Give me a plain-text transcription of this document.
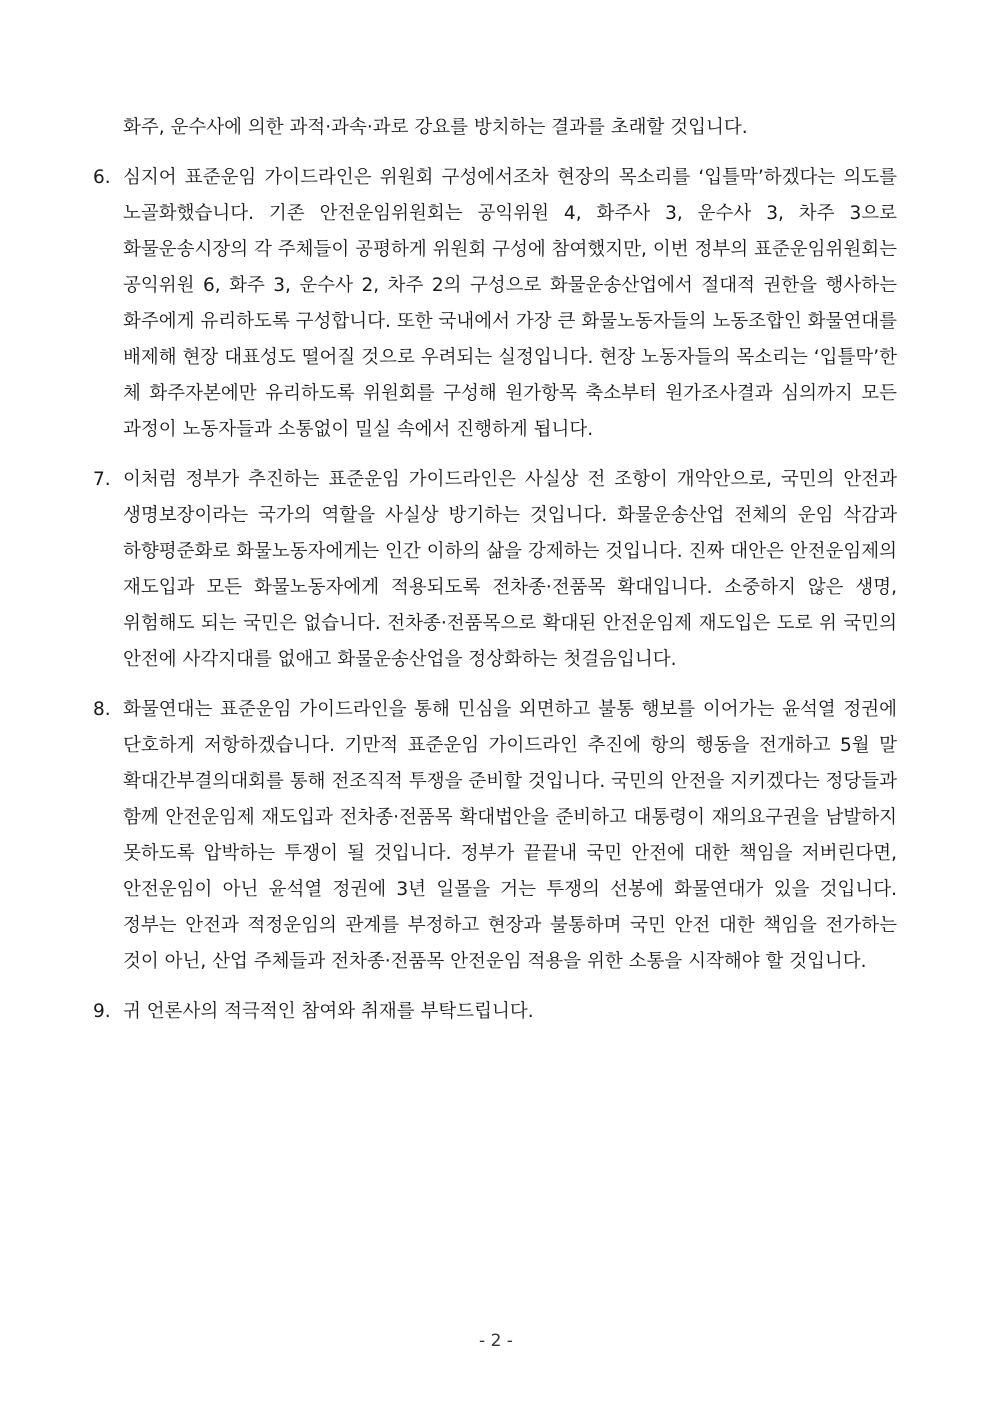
화주, 운수사에 의한 과적·과속·과로 강요를 방치하는 결과를 초래할 것입니다.
6. 심지어 표준운임 가이드라인은 위원회 구성에서조차 현장의 목소리를 ‘입틀막’하겠다는 의도를 노골화했습니다. 기존 안전운임위원회는 공익위원 4, 화주사 3, 운수사 3, 차주 3으로 화물운송시장의 각 주체들이 공평하게 위원회 구성에 참여했지만, 이번 정부의 표준운임위원회는 공익위원 6, 화주 3, 운수사 2, 차주 2의 구성으로 화물운송산업에서 절대적 권한을 행사하는 화주에게 유리하도록 구성합니다. 또한 국내에서 가장 큰 화물노동자들의 노동조합인 화물연대를 배제해 현장 대표성도 떨어질 것으로 우려되는 실정입니다. 현장 노동자들의 목소리는 ‘입틀막’한 체 화주자본에만 유리하도록 위원회를 구성해 원가항목 축소부터 원가조사결과 심의까지 모든 과정이 노동자들과 소통없이 밀실 속에서 진행하게 됩니다.
7. 이처럼 정부가 추진하는 표준운임 가이드라인은 사실상 전 조항이 개악안으로, 국민의 안전과 생명보장이라는 국가의 역할을 사실상 방기하는 것입니다. 화물운송산업 전체의 운임 삭감과 하향평준화로 화물노동자에게는 인간 이하의 삶을 강제하는 것입니다. 진짜 대안은 안전운임제의 재도입과 모든 화물노동자에게 적용되도록 전차종·전품목 확대입니다. 소중하지 않은 생명, 위험해도 되는 국민은 없습니다. 전차종·전품목으로 확대된 안전운임제 재도입은 도로 위 국민의 안전에 사각지대를 없애고 화물운송산업을 정상화하는 첫걸음입니다.
8. 화물연대는 표준운임 가이드라인을 통해 민심을 외면하고 불통 행보를 이어가는 윤석열 정권에 단호하게 저항하겠습니다. 기만적 표준운임 가이드라인 추진에 항의 행동을 전개하고 5월 말 확대간부결의대회를 통해 전조직적 투쟁을 준비할 것입니다. 국민의 안전을 지키겠다는 정당들과 함께 안전운임제 재도입과 전차종·전품목 확대법안을 준비하고 대통령이 재의요구권을 남발하지 못하도록 압박하는 투쟁이 될 것입니다. 정부가 끝끝내 국민 안전에 대한 책임을 저버린다면, 안전운임이 아닌 윤석열 정권에 3년 일몰을 거는 투쟁의 선봉에 화물연대가 있을 것입니다. 정부는 안전과 적정운임의 관계를 부정하고 현장과 불통하며 국민 안전 대한 책임을 전가하는 것이 아닌, 산업 주체들과 전차종·전품목 안전운임 적용을 위한 소통을 시작해야 할 것입니다.
9. 귀 언론사의 적극적인 참여와 취재를 부탁드립니다.
- 2 -
